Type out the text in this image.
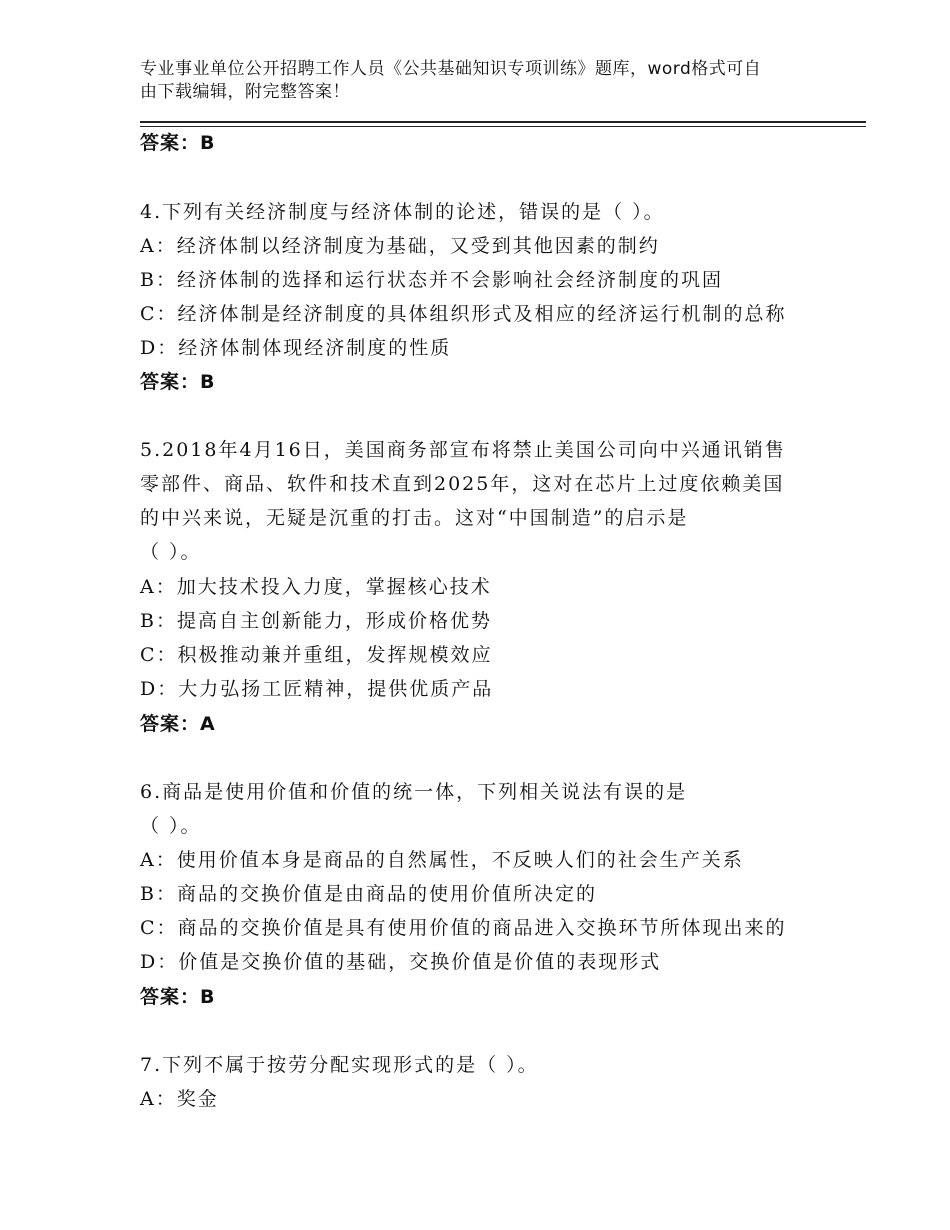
专业事业单位公开招聘工作人员《公共基础知识专项训练》题库，word格式可自
由下载编辑，附完整答案！
答案：B
4.下列有关经济制度与经济体制的论述，错误的是（ ）。
A：经济体制以经济制度为基础，又受到其他因素的制约
B：经济体制的选择和运行状态并不会影响社会经济制度的巩固
C：经济体制是经济制度的具体组织形式及相应的经济运行机制的总称
D：经济体制体现经济制度的性质
答案：B
5.2018年4月16日，美国商务部宣布将禁止美国公司向中兴通讯销售
零部件、商品、软件和技术直到2025年，这对在芯片上过度依赖美国
的中兴来说，无疑是沉重的打击。这对“中国制造”的启示是
（ ）。
A：加大技术投入力度，掌握核心技术
B：提高自主创新能力，形成价格优势
C：积极推动兼并重组，发挥规模效应
D：大力弘扬工匠精神，提供优质产品
答案：A
6.商品是使用价值和价值的统一体，下列相关说法有误的是
（ ）。
A：使用价值本身是商品的自然属性，不反映人们的社会生产关系
B：商品的交换价值是由商品的使用价值所决定的
C：商品的交换价值是具有使用价值的商品进入交换环节所体现出来的
D：价值是交换价值的基础，交换价值是价值的表现形式
答案：B
7.下列不属于按劳分配实现形式的是（ ）。
A：奖金
